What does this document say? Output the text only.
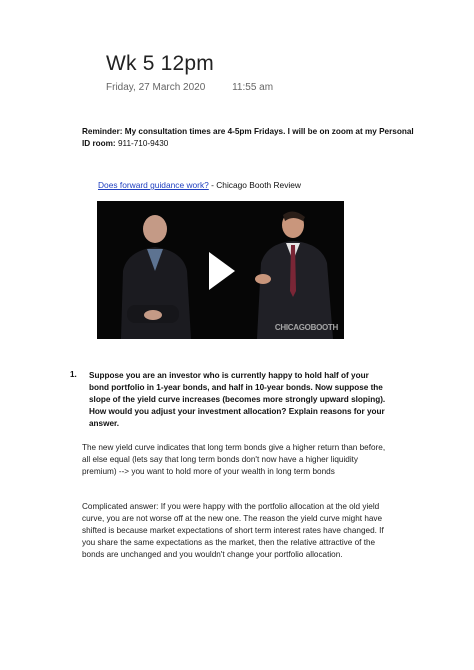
Wk 5 12pm
Friday, 27 March 2020	11:55 am
Reminder: My consultation times are 4-5pm Fridays. I will be on zoom at my Personal ID room: 911-710-9430
Does forward guidance work? - Chicago Booth Review
CHICAGOBOOTH
1. Suppose you are an investor who is currently happy to hold half of your bond portfolio in 1-year bonds, and half in 10-year bonds. Now suppose the slope of the yield curve increases (becomes more strongly upward sloping). How would you adjust your investment allocation? Explain reasons for your answer.
The new yield curve indicates that long term bonds give a higher return than before, all else equal (lets say that long term bonds don't now have a higher liquidity premium) --> you want to hold more of your wealth in long term bonds
Complicated answer: If you were happy with the portfolio allocation at the old yield curve, you are not worse off at the new one. The reason the yield curve might have shifted is because market expectations of short term interest rates have changed. If you share the same expectations as the market, then the relative attractive of the bonds are unchanged and you wouldn't change your portfolio allocation.
